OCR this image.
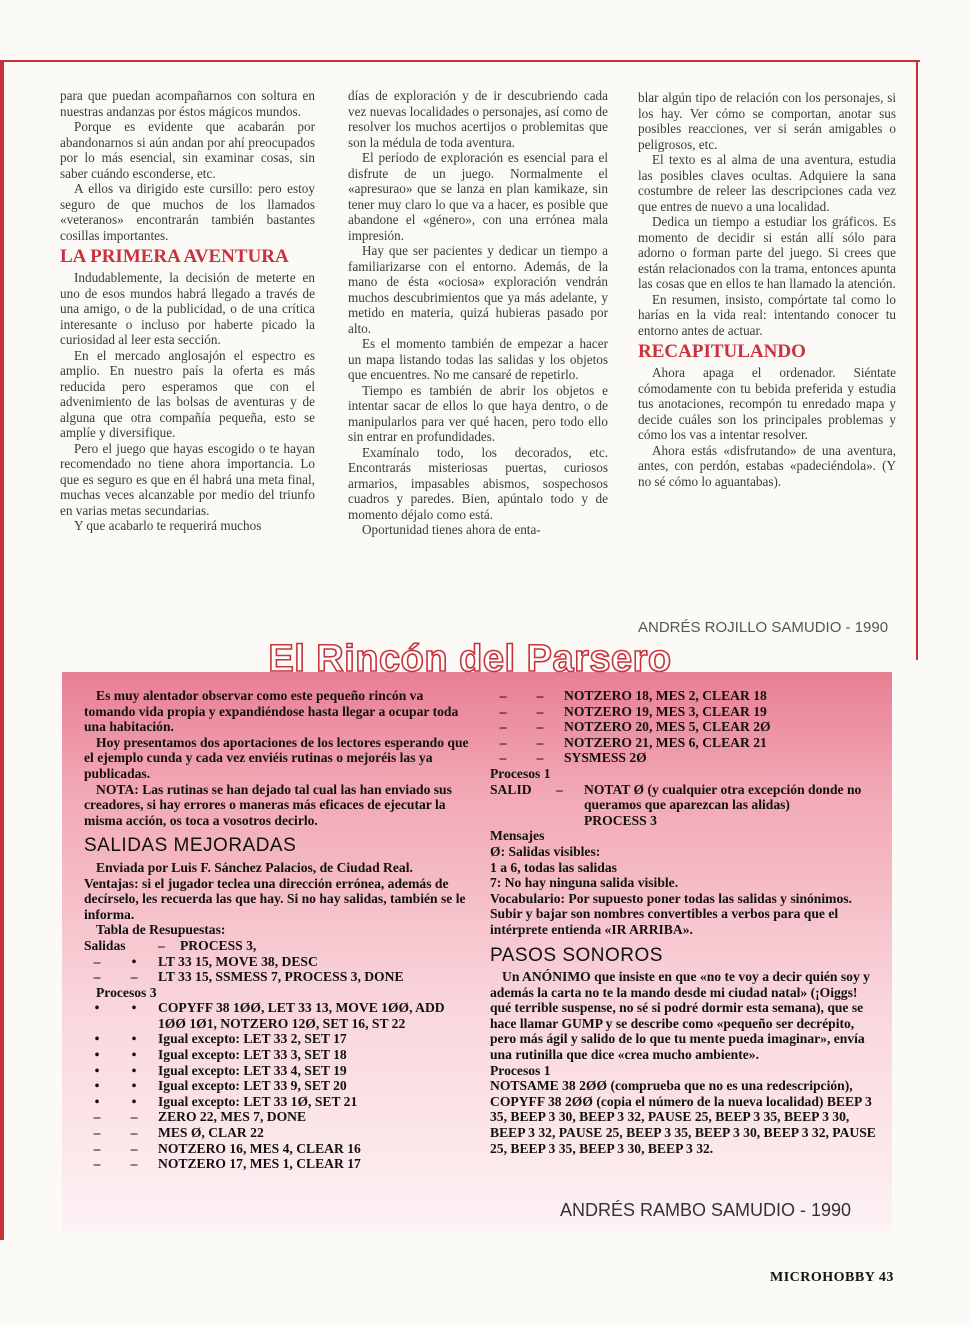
para que puedan acompañarnos con soltura en nuestras andanzas por éstos mágicos mundos.

Porque es evidente que acabarán por abandonarnos si aún andan por ahí preocupados por lo más esencial, sin examinar cosas, sin saber cuándo esconderse, etc.

A ellos va dirigido este cursillo: pero estoy seguro de que muchos de los llamados «veteranos» encontrarán también bastantes cosillas importantes.

LA PRIMERA AVENTURA

Indudablemente, la decisión de meterte en uno de esos mundos habrá llegado a través de una amigo, o de la publicidad, o de una crítica interesante o incluso por haberte picado la curiosidad al leer esta sección.

En el mercado anglosajón el espectro es amplio. En nuestro país la oferta es más reducida pero esperamos que con el advenimiento de las bolsas de aventuras y de alguna que otra compañía pequeña, esto se amplíe y diversifique.

Pero el juego que hayas escogido o te hayan recomendado no tiene ahora importancia. Lo que es seguro es que en él habrá una meta final, muchas veces alcanzable por medio del triunfo en varias metas secundarias.

Y que acabarlo te requerirá muchos

días de exploración y de ir descubriendo cada vez nuevas localidades o personajes, así como de resolver los muchos acertijos o problemitas que son la médula de toda aventura.

El período de exploración es esencial para el disfrute de un juego. Normalmente el «apresurao» que se lanza en plan kamikaze, sin tener muy claro lo que va a hacer, es posible que abandone el «género», con una errónea mala impresión.

Hay que ser pacientes y dedicar un tiempo a familiarizarse con el entorno. Además, de la mano de ésta «ociosa» exploración vendrán muchos descubrimientos que ya más adelante, y metido en materia, quizá hubieras pasado por alto.

Es el momento también de empezar a hacer un mapa listando todas las salidas y los objetos que encuentres. No me cansaré de repetirlo.

Tiempo es también de abrir los objetos e intentar sacar de ellos lo que haya dentro, o de manipularlos para ver qué hacen, pero todo ello sin entrar en profundidades.

Examínalo todo, los decorados, etc. Encontrarás misteriosas puertas, curiosos armarios, impasables abismos, sospechosos cuadros y paredes. Bien, apúntalo todo y de momento déjalo como está.

Oportunidad tienes ahora de enta-

blar algún tipo de relación con los personajes, si los hay. Ver cómo se comportan, anotar sus posibles reacciones, ver si serán amigables o peligrosos, etc.

El texto es al alma de una aventura, estudia las posibles claves ocultas. Adquiere la sana costumbre de releer las descripciones cada vez que entres de nuevo a una localidad.

Dedica un tiempo a estudiar los gráficos. Es momento de decidir si están allí sólo para adorno o forman parte del juego. Si crees que están relacionados con la trama, entonces apunta las cosas que en ellos te han llamado la atención.

En resumen, insisto, compórtate tal como lo harías en la vida real: intentando conocer tu entorno antes de actuar.

RECAPITULANDO

Ahora apaga el ordenador. Siéntate cómodamente con tu bebida preferida y estudia tus anotaciones, recompón tu enredado mapa y decide cuáles son los principales problemas y cómo los vas a intentar resolver.

Ahora estás «disfrutando» de una aventura, antes, con perdón, estabas «padeciéndola». (Y no sé cómo lo aguantabas).

ANDRÉS ROJILLO SAMUDIO - 1990
El Rincón del Parsero

Es muy alentador observar como este pequeño rincón va tomando vida propia y expandiéndose hasta llegar a ocupar toda una habitación.

Hoy presentamos dos aportaciones de los lectores esperando que el ejemplo cunda y cada vez enviéis rutinas o mejoréis las ya publicadas.

NOTA: Las rutinas se han dejado tal cual las han enviado sus creadores, si hay errores o maneras más eficaces de ejecutar la misma acción, os toca a vosotros decirlo.

SALIDAS MEJORADAS

Enviada por Luis F. Sánchez Palacios, de Ciudad Real.

Ventajas: si el jugador teclea una dirección errónea, además de decírselo, les recuerda las que hay. Si no hay salidas, también se le informa.

Tabla de Resupuestas:

Salidas	–	PROCESS 3,
–	•	LT 33 15, MOVE 38, DESC
–	–	LT 33 15, SSMESS 7, PROCESS 3, DONE

Procesos 3

•	•	COPYFF 38 1ØØ, LET 33 13, MOVE 1ØØ, ADD 1ØØ 1Ø1, NOTZERO 12Ø, SET 16, ST 22
•	•	Igual excepto: LET 33 2, SET 17
•	•	Igual excepto: LET 33 3, SET 18
•	•	Igual excepto: LET 33 4, SET 19
•	•	Igual excepto: LET 33 9, SET 20
•	•	Igual excepto: LET 33 1Ø, SET 21
–	–	ZERO 22, MES 7, DONE
–	–	MES Ø, CLAR 22
–	–	NOTZERO 16, MES 4, CLEAR 16
–	–	NOTZERO 17, MES 1, CLEAR 17
–	–	NOTZERO 18, MES 2, CLEAR 18
–	–	NOTZERO 19, MES 3, CLEAR 19
–	–	NOTZERO 20, MES 5, CLEAR 2Ø
–	–	NOTZERO 21, MES 6, CLEAR 21
–	–	SYSMESS 2Ø
Procesos 1
SALID	–	NOTAT Ø (y cualquier otra excepción donde no queramos que aparezcan las alidas)
PROCESS 3
Mensajes
Ø: Salidas visibles:
1 a 6, todas las salidas
7: No hay ninguna salida visible.
Vocabulario: Por supuesto poner todas las salidas y sinónimos. Subir y bajar son nombres convertibles a verbos para que el intérprete entienda «IR ARRIBA».
PASOS SONOROS

Un ANÓNIMO que insiste en que «no te voy a decir quién soy y además la carta no te la mando desde mi ciudad natal» (¡Oiggs! qué terrible suspense, no sé si podré dormir esta semana), que se hace llamar GUMP y se describe como «pequeño ser decrépito, pero más ágil y salido de lo que tu mente pueda imaginar», envía una rutinilla que dice «crea mucho ambiente».

Procesos 1
NOTSAME 38 2ØØ (comprueba que no es una redescripción), COPYFF 38 2ØØ (copia el número de la nueva localidad) BEEP 3 35, BEEP 3 30, BEEP 3 32, PAUSE 25, BEEP 3 35, BEEP 3 30, BEEP 3 32, PAUSE 25, BEEP 3 35, BEEP 3 30, BEEP 3 32, PAUSE 25, BEEP 3 35, BEEP 3 30, BEEP 3 32.
ANDRÉS RAMBO SAMUDIO - 1990
MICROHOBBY 43
